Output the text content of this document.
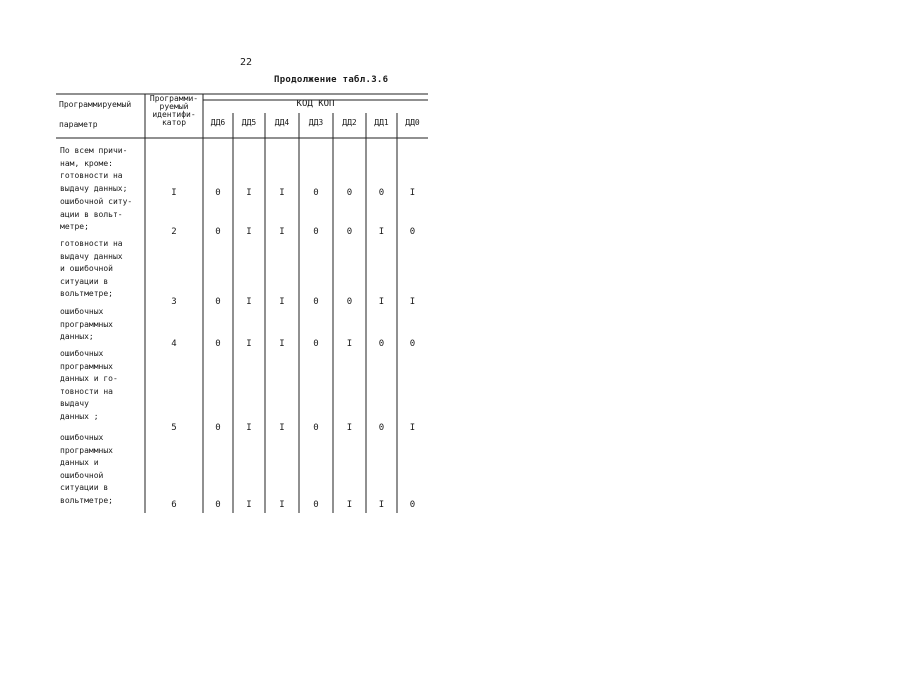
22
Продолжение табл.3.6
Программируемый
параметр
Программи-
руемый
идентифи-
катор
КОД КОП
ДД6	ДД5	ДД4	ДД3	ДД2	ДД1	ДД0
По всем причи-
нам, кроме:
готовности на
выдачу данных;	I	0	I	I	0	0	0	I
ошибочной ситу-
ации в вольт-
метре;
2	0	I	I	0	0	I	0
готовности на
выдачу данных
и ошибочной
ситуации в
вольтметре;
3	0	I	I	0	0	I	I
ошибочных
программных
данных;
4	0	I	I	0	I	0	0
ошибочных
программных
данных и го-
товности на
выдачу
данных ;
5	0	I	I	0	I	0	I
ошибочных
программных
данных и
ошибочной
ситуации в
вольтметре;	6	0	I	I	0	I	I	0
